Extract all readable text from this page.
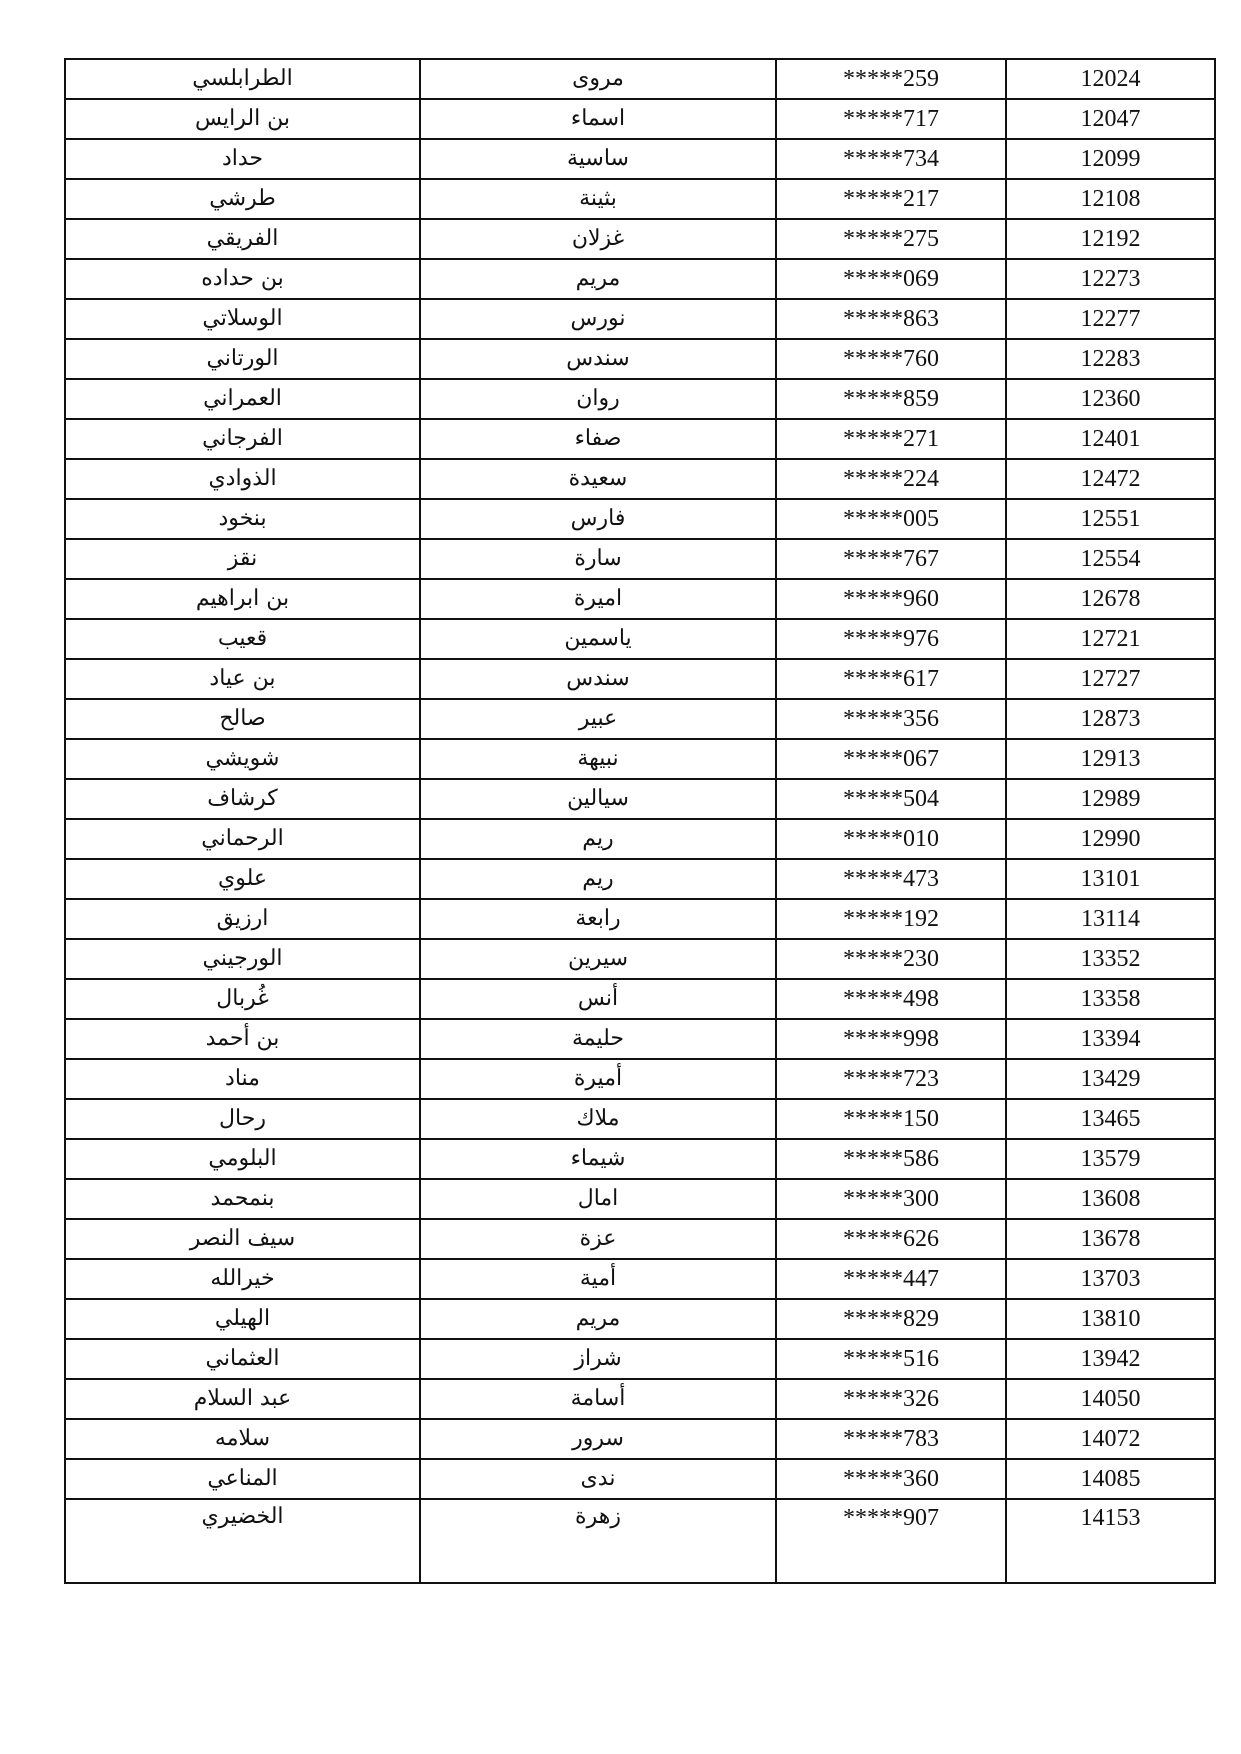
الطرابلسي	مروى	*****259	12024
بن الرايس	اسماء	*****717	12047
حداد	ساسية	*****734	12099
طرشي	بثينة	*****217	12108
الفريقي	غزلان	*****275	12192
بن حداده	مريم	*****069	12273
الوسلاتي	نورس	*****863	12277
الورتاني	سندس	*****760	12283
العمراني	روان	*****859	12360
الفرجاني	صفاء	*****271	12401
الذوادي	سعيدة	*****224	12472
بنخود	فارس	*****005	12551
نقز	سارة	*****767	12554
بن ابراهيم	اميرة	*****960	12678
قعيب	ياسمين	*****976	12721
بن عياد	سندس	*****617	12727
صالح	عبير	*****356	12873
شويشي	نبيهة	*****067	12913
كرشاف	سيالين	*****504	12989
الرحماني	ريم	*****010	12990
علوي	ريم	*****473	13101
ارزيق	رابعة	*****192	13114
الورجيني	سيرين	*****230	13352
غُربال	أنس	*****498	13358
بن أحمد	حليمة	*****998	13394
مناد	أميرة	*****723	13429
رحال	ملاك	*****150	13465
البلومي	شيماء	*****586	13579
بنمحمد	امال	*****300	13608
سيف النصر	عزة	*****626	13678
خيرالله	أمية	*****447	13703
الهيلي	مريم	*****829	13810
العثماني	شراز	*****516	13942
عبد السلام	أسامة	*****326	14050
سلامه	سرور	*****783	14072
المناعي	ندى	*****360	14085
الخضيري	زهرة	*****907	14153
